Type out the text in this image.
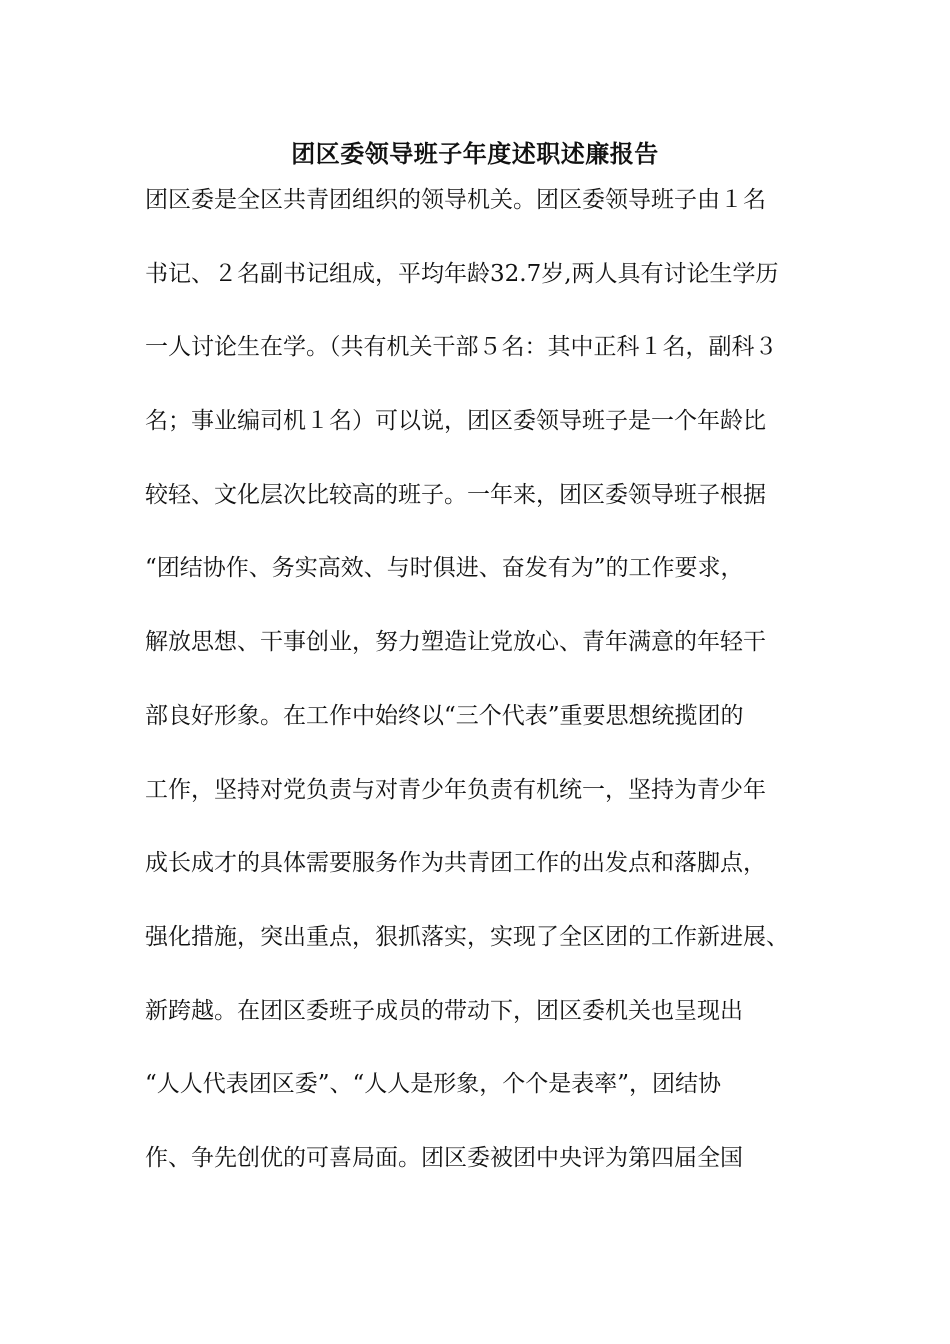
团区委领导班子年度述职述廉报告
团区委是全区共青团组织的领导机关。团区委领导班子由１名
书记、２名副书记组成，平均年龄32.7岁,两人具有讨论生学历
一人讨论生在学。（共有机关干部５名：其中正科１名，副科３
名；事业编司机１名）可以说，团区委领导班子是一个年龄比
较轻、文化层次比较高的班子。一年来，团区委领导班子根据
“团结协作、务实高效、与时俱进、奋发有为”的工作要求，
解放思想、干事创业，努力塑造让党放心、青年满意的年轻干
部良好形象。在工作中始终以“三个代表”重要思想统揽团的
工作，坚持对党负责与对青少年负责有机统一，坚持为青少年
成长成才的具体需要服务作为共青团工作的出发点和落脚点，
强化措施，突出重点，狠抓落实，实现了全区团的工作新进展、
新跨越。在团区委班子成员的带动下，团区委机关也呈现出
“人人代表团区委”、“人人是形象，个个是表率”，团结协
作、争先创优的可喜局面。团区委被团中央评为第四届全国
